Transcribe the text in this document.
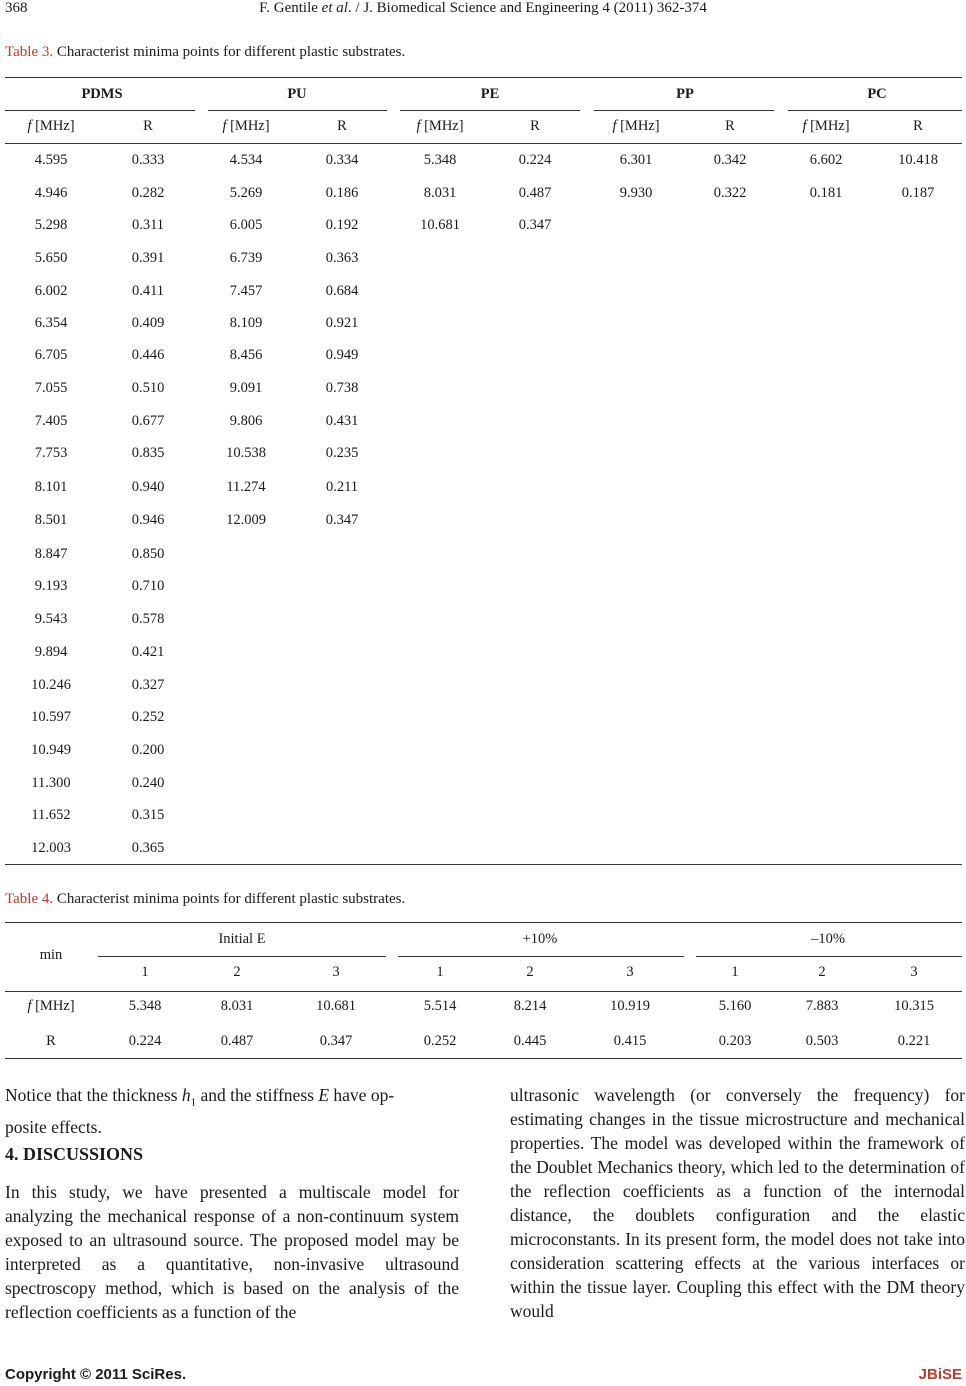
368	F. Gentile et al. / J. Biomedical Science and Engineering 4 (2011) 362-374
Table 3. Characterist minima points for different plastic substrates.
PDMS	PU	PE	PP	PC
f [MHz]	R	f [MHz]	R	f [MHz]	R	f [MHz]	R	f [MHz]	R
4.595	0.333	4.534	0.334	5.348	0.224	6.301	0.342	6.602	10.418
4.946	0.282	5.269	0.186	8.031	0.487	9.930	0.322	0.181	0.187
5.298	0.311	6.005	0.192	10.681	0.347
5.650	0.391	6.739	0.363
6.002	0.411	7.457	0.684
6.354	0.409	8.109	0.921
6.705	0.446	8.456	0.949
7.055	0.510	9.091	0.738
7.405	0.677	9.806	0.431
7.753	0.835	10.538	0.235
8.101	0.940	11.274	0.211
8.501	0.946	12.009	0.347
8.847	0.850
9.193	0.710
9.543	0.578
9.894	0.421
10.246	0.327
10.597	0.252
10.949	0.200
11.300	0.240
11.652	0.315
12.003	0.365
Table 4. Characterist minima points for different plastic substrates.
min
Initial E	+10%	–10%
1	2	3	1	2	3	1	2	3
f [MHz]	5.348	8.031	10.681	5.514	8.214	10.919	5.160	7.883	10.315
R	0.224	0.487	0.347	0.252	0.445	0.415	0.203	0.503	0.221

Notice that the thickness $h_1$ and the stiffness E have op-
posite effects.

4. DISCUSSIONS
In this study, we have presented a multiscale model for analyzing the mechanical response of a non-continuum system exposed to an ultrasound source. The proposed model may be interpreted as a quantitative, non-invasive ultrasound spectroscopy method, which is based on the analysis of the reflection coefficients as a function of the
ultrasonic wavelength (or conversely the frequency) for estimating changes in the tissue microstructure and mechanical properties. The model was developed within the framework of the Doublet Mechanics theory, which led to the determination of the reflection coefficients as a function of the internodal distance, the doublets configuration and the elastic microconstants. In its present form, the model does not take into consideration scattering effects at the various interfaces or within the tissue layer. Coupling this effect with the DM theory would
Copyright © 2011 SciRes.	JBiSE
